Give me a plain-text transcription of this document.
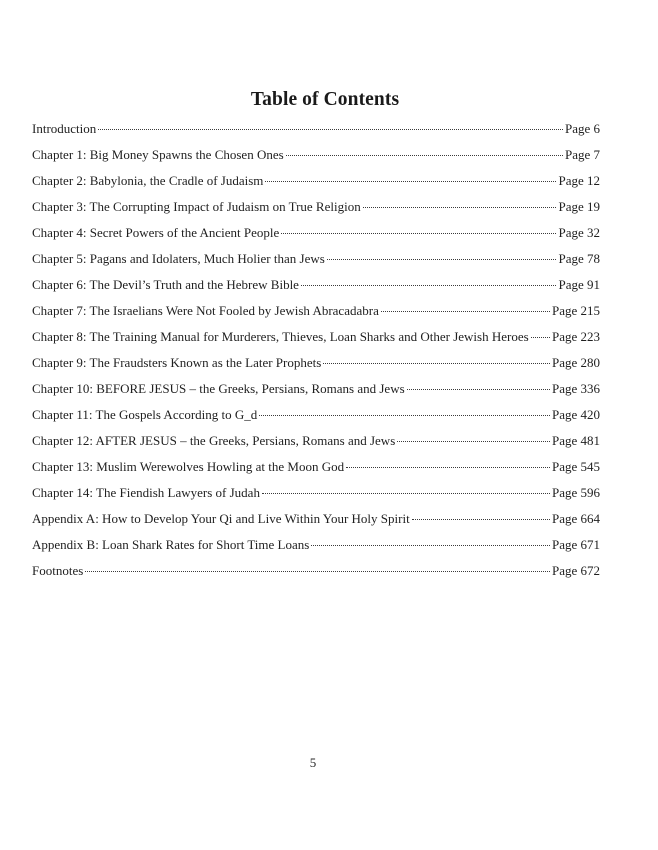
Table of Contents
Introduction	Page 6
Chapter 1: Big Money Spawns the Chosen Ones	Page 7
Chapter 2: Babylonia, the Cradle of Judaism	Page 12
Chapter 3: The Corrupting Impact of Judaism on True Religion	Page 19
Chapter 4: Secret Powers of the Ancient People	Page 32
Chapter 5: Pagans and Idolaters, Much Holier than Jews	Page 78
Chapter 6: The Devil’s Truth and the Hebrew Bible	Page 91
Chapter 7: The Israelians Were Not Fooled by Jewish Abracadabra	Page 215
Chapter 8: The Training Manual for Murderers, Thieves, Loan Sharks and Other Jewish Heroes Page 223
Chapter 9: The Fraudsters Known as the Later Prophets	Page 280
Chapter 10: BEFORE JESUS – the Greeks, Persians, Romans and Jews	Page 336
Chapter 11: The Gospels According to G_d	Page 420
Chapter 12: AFTER JESUS – the Greeks, Persians, Romans and Jews	Page 481
Chapter 13: Muslim Werewolves Howling at the Moon God	Page 545
Chapter 14: The Fiendish Lawyers of Judah	Page 596
Appendix A: How to Develop Your Qi and Live Within Your Holy Spirit	Page 664
Appendix B: Loan Shark Rates for Short Time Loans	Page 671
Footnotes	Page 672
5
